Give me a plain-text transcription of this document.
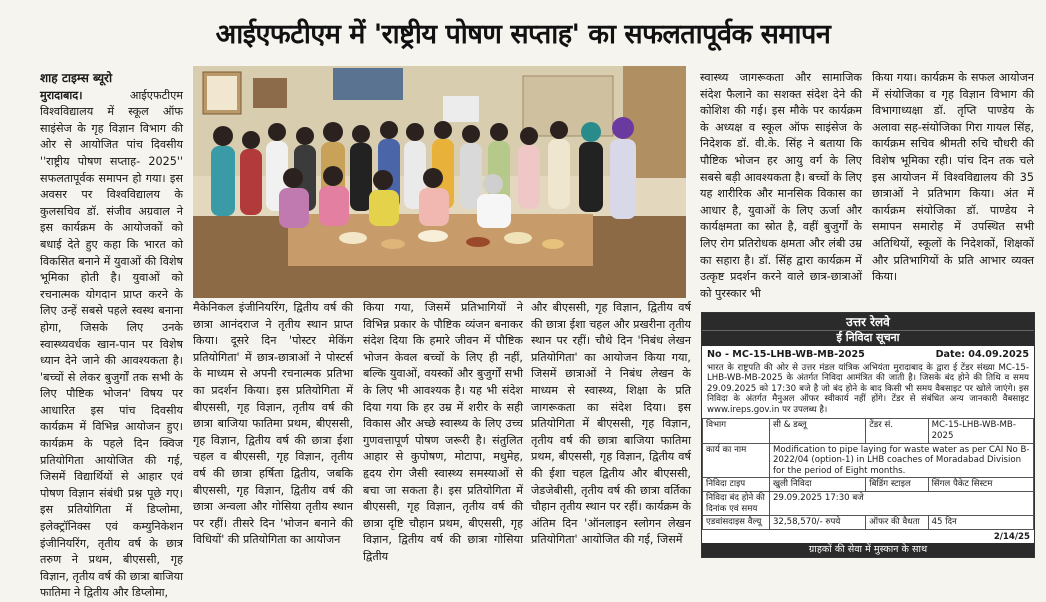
आईएफटीएम में 'राष्ट्रीय पोषण सप्ताह' का सफलतापूर्वक समापन
शाह टाइम्स ब्यूरो
मुरादाबाद।	आईएफटीएम विश्वविद्यालय में स्कूल ऑफ साइंसेज के गृह विज्ञान विभाग की ओर से आयोजित पांच दिवसीय ''राष्ट्रीय पोषण सप्ताह- 2025'' सफलतापूर्वक समापन हो गया। इस अवसर पर विश्वविद्यालय के कुलसचिव डॉ. संजीव अग्रवाल ने इस कार्यक्रम के आयोजकों को बधाई देते हुए कहा कि भारत को विकसित बनाने में युवाओं की विशेष भूमिका होती है। युवाओं को रचनात्मक योगदान प्राप्त करने के लिए उन्हें सबसे पहले स्वस्थ बनाना होगा, जिसके लिए उनके स्वास्थ्यवर्धक खान-पान पर विशेष ध्यान देने जाने की आवश्यकता है। 'बच्चों से लेकर बुजुर्गों तक सभी के लिए पौष्टिक भोजन' विषय पर आधारित इस पांच दिवसीय कार्यक्रम में विभिन्न आयोजन हुए। कार्यक्रम के पहले दिन क्विज प्रतियोगिता आयोजित की गई, जिसमें विद्यार्थियों से आहार एवं पोषण विज्ञान संबंधी प्रश्न पूछे गए। इस प्रतियोगिता में डिप्लोमा, इलेक्ट्रॉनिक्स एवं कम्युनिकेशन इंजीनियरिंग, तृतीय वर्ष के छात्र तरुण ने प्रथम, बीएससी, गृह विज्ञान, तृतीय वर्ष की छात्रा बाजिया फातिमा ने द्वितीय और डिप्लोमा,
मैकेनिकल इंजीनियरिंग, द्वितीय वर्ष की छात्रा आनंदराज ने तृतीय स्थान प्राप्त किया। दूसरे दिन 'पोस्टर मेकिंग प्रतियोगिता' में छात्र-छात्राओं ने पोस्टर्स के माध्यम से अपनी रचनात्मक प्रतिभा का प्रदर्शन किया। इस प्रतियोगिता में बीएससी, गृह विज्ञान, तृतीय वर्ष की छात्रा बाजिया फातिमा प्रथम, बीएससी, गृह विज्ञान, द्वितीय वर्ष की छात्रा ईशा चहल व बीएससी, गृह विज्ञान, तृतीय वर्ष की छात्रा हर्षिता द्वितीय, जबकि बीएससी, गृह विज्ञान, द्वितीय वर्ष की छात्रा अन्वला और गोसिया तृतीय स्थान पर रहीं। तीसरे दिन 'भोजन बनाने की विधियों' की प्रतियोगिता का आयोजन
किया गया, जिसमें प्रतिभागियों ने विभिन्न प्रकार के पौष्टिक व्यंजन बनाकर संदेश दिया कि हमारे जीवन में पौष्टिक भोजन केवल बच्चों के लिए ही नहीं, बल्कि युवाओं, वयस्कों और बुजुर्गों सभी के लिए भी आवश्यक है। यह भी संदेश दिया गया कि हर उम्र में शरीर के सही विकास और अच्छे स्वास्थ्य के लिए उच्च गुणवत्तापूर्ण पोषण जरूरी है। संतुलित आहार से कुपोषण, मोटापा, मधुमेह, हृदय रोग जैसी स्वास्थ्य समस्याओं से बचा जा सकता है। इस प्रतियोगिता में बीएससी, गृह विज्ञान, तृतीय वर्ष की छात्रा दृष्टि चौहान प्रथम, बीएससी, गृह विज्ञान, द्वितीय वर्ष की छात्रा गोसिया द्वितीय
और बीएससी, गृह विज्ञान, द्वितीय वर्ष की छात्रा ईशा चहल और प्रखरीना तृतीय स्थान पर रहीं। चौथे दिन 'निबंध लेखन प्रतियोगिता' का आयोजन किया गया, जिसमें छात्राओं ने निबंध लेखन के माध्यम से स्वास्थ्य, शिक्षा के प्रति जागरूकता का संदेश दिया। इस प्रतियोगिता में बीएससी, गृह विज्ञान, तृतीय वर्ष की छात्रा बाजिया फातिमा प्रथम, बीएससी, गृह विज्ञान, द्वितीय वर्ष की ईशा चहल द्वितीय और बीएससी, जेडजेबीसी, तृतीय वर्ष की छात्रा वर्तिका चौहान तृतीय स्थान पर रहीं। कार्यक्रम के अंतिम दिन 'ऑनलाइन स्लोगन लेखन प्रतियोगिता' आयोजित की गई, जिसमें
स्वास्थ्य जागरूकता और सामाजिक संदेश फैलाने का सशक्त संदेश देने की कोशिश की गई। इस मौके पर कार्यक्रम के अध्यक्ष व स्कूल ऑफ साइंसेज के निदेशक डॉ. वी.के. सिंह ने बताया कि पौष्टिक भोजन हर आयु वर्ग के लिए सबसे बड़ी आवश्यकता है। बच्चों के लिए यह शारीरिक और मानसिक विकास का आधार है, युवाओं के लिए ऊर्जा और कार्यक्षमता का स्रोत है, वहीं बुजुर्गों के लिए रोग प्रतिरोधक क्षमता और लंबी उम्र का सहारा है। डॉ. सिंह द्वारा कार्यक्रम में उत्कृष्ट प्रदर्शन करने वाले छात्र-छात्राओं को पुरस्कार भी
किया गया। कार्यक्रम के सफल आयोजन में संयोजिका व गृह विज्ञान विभाग की विभागाध्यक्षा डॉ. तृप्ति पाण्डेय के अलावा सह-संयोजिका गिरा गायल सिंह, कार्यक्रम सचिव श्रीमती रुचि चौधरी की विशेष भूमिका रही। पांच दिन तक चले इस आयोजन में विश्वविद्यालय की 35 छात्राओं ने प्रतिभाग किया। अंत में कार्यक्रम संयोजिका डॉ. पाण्डेय ने समापन समारोह में उपस्थित सभी अतिथियों, स्कूलों के निदेशकों, शिक्षकों और प्रतिभागियों के प्रति आभार व्यक्त किया।
उत्तर रेलवे
ई निविदा सूचना
No - MC-15-LHB-WB-MB-2025	Date: 04.09.2025
भारत के राष्ट्रपति की ओर से उत्तर मंडल यांत्रिक अभियंता मुरादाबाद के द्वारा ई टेंडर संख्या MC-15-LHB-WB-MB-2025 के अंतर्गत निविदा आमंत्रित की जाती है। जिसके बंद होने की तिथि व समय 29.09.2025 को 17:30 बजे है जो बंद होने के बाद किसी भी समय वैबसाइट पर खोले जाएंगे। इस निविदा के अंतर्गत मैनुअल ऑफर स्वीकार्य नहीं होंगे। टेंडर से संबंधित अन्य जानकारी वैबसाइट www.ireps.gov.in पर उपलब्ध है।
विभाग	सी & डब्लू	टेंडर सं.	MC-15-LHB-WB-MB-2025
कार्य का नाम	Modification to pipe laying for waste water as per CAI No B-2022/04 (option-1) in LHB coaches of Moradabad Division for the period of Eight months.		
निविदा टाइप	खुली निविदा	बिडिंग स्टाइल	सिंगल पैकेट सिस्टम
निविदा बंद होने की दिनांक एवं समय	29.09.2025 17:30 बजे		
एडवांसदाइस वैल्यू	32,58,570/- रुपये	ऑफर की वैधता	45 दिन
2/14/25
ग्राहकों की सेवा में मुस्कान के साथ
